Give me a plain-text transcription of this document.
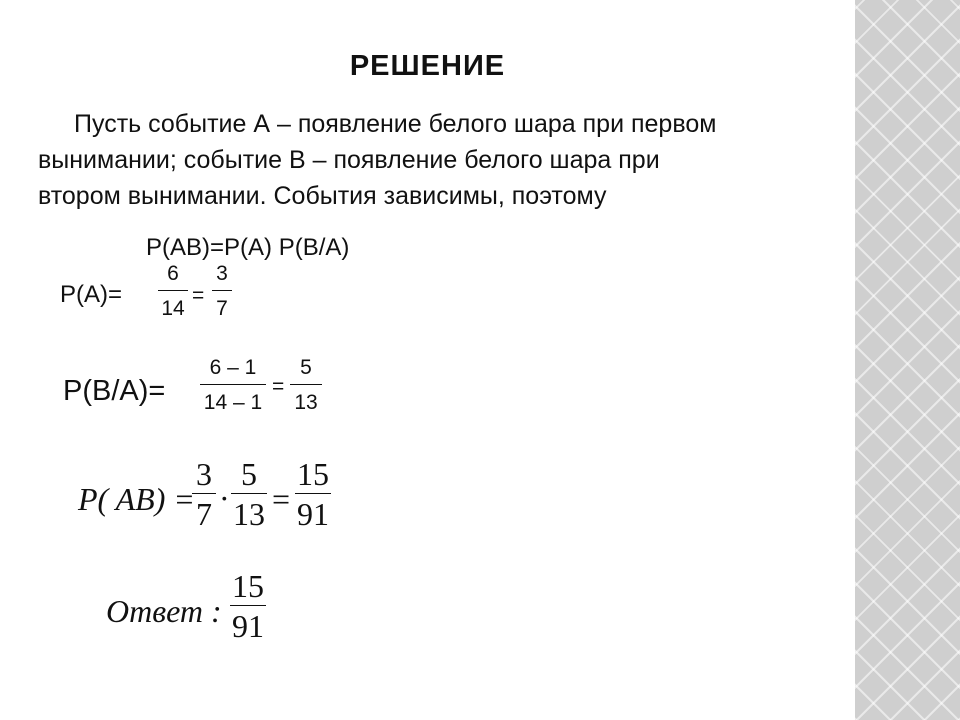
РЕШЕНИЕ
Пусть событие А – появление белого шара при первом
вынимании; событие В – появление белого шара при
втором вынимании. События зависимы, поэтому
P(AB)=P(A) P(B/A)
P(A)=
6
14
=
3
7
P(B/A)=
6 – 1
14 – 1
=
5
13
P( AB) =
3
7 ·
5
13 =
15
91
Ответ :
15
91
